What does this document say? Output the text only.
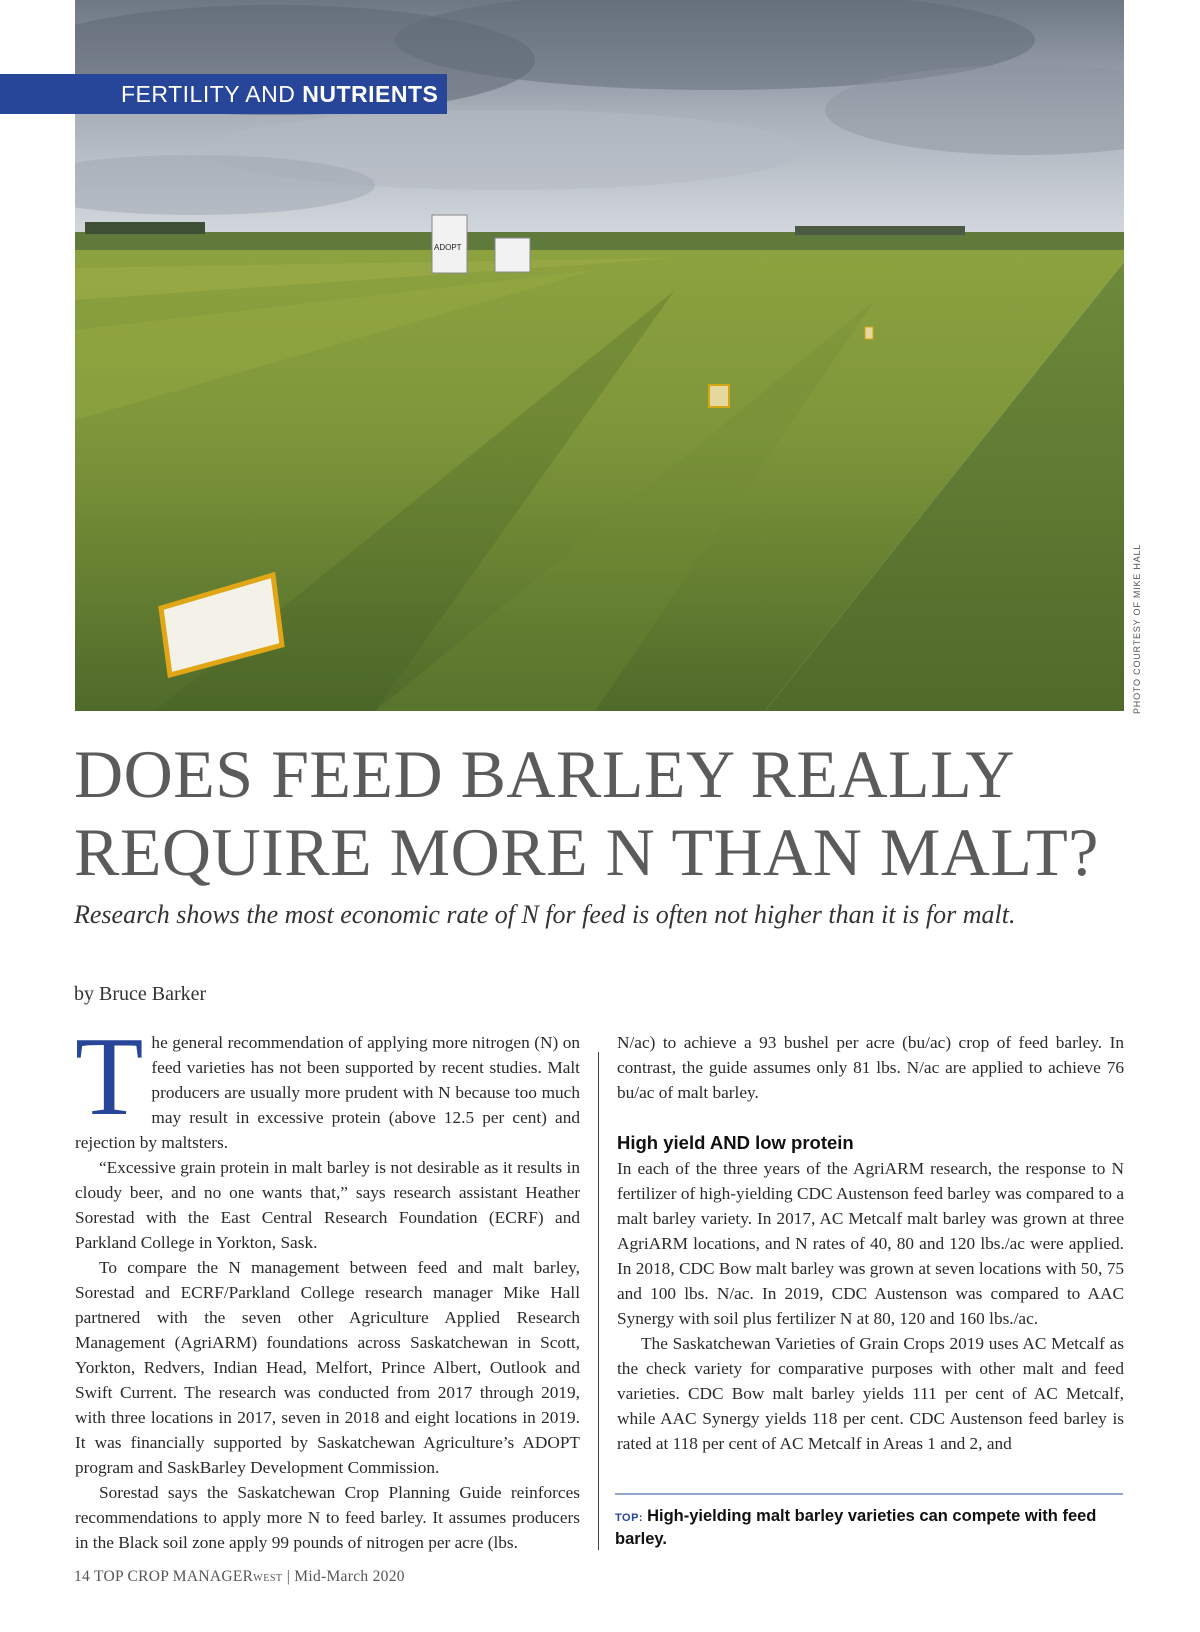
ADOPT
FERTILITY AND NUTRIENTS
PHOTO COURTESY OF MIKE HALL
DOES FEED BARLEY REALLY
REQUIRE MORE N THAN MALT?
Research shows the most economic rate of N for feed is often not higher than it is for malt.
by Bruce Barker

The general recommendation of applying more nitrogen (N) on feed varieties has not been supported by recent studies. Malt producers are usually more prudent with N because too much may result in excessive protein (above 12.5 per cent) and rejection by maltsters.

“Excessive grain protein in malt barley is not desirable as it results in cloudy beer, and no one wants that,” says research assistant Heather Sorestad with the East Central Research Foundation (ECRF) and Parkland College in Yorkton, Sask.

To compare the N management between feed and malt barley, Sorestad and ECRF/Parkland College research manager Mike Hall partnered with the seven other Agriculture Applied Research Management (AgriARM) foundations across Saskatchewan in Scott, Yorkton, Redvers, Indian Head, Melfort, Prince Albert, Outlook and Swift Current. The research was conducted from 2017 through 2019, with three locations in 2017, seven in 2018 and eight locations in 2019. It was financially supported by Saskatchewan Agriculture’s ADOPT program and SaskBarley Development Commission.

Sorestad says the Saskatchewan Crop Planning Guide reinforces recommendations to apply more N to feed barley. It assumes producers in the Black soil zone apply 99 pounds of nitrogen per acre (lbs.

N/ac) to achieve a 93 bushel per acre (bu/ac) crop of feed barley. In contrast, the guide assumes only 81 lbs. N/ac are applied to achieve 76 bu/ac of malt barley.

High yield AND low protein

In each of the three years of the AgriARM research, the response to N fertilizer of high-yielding CDC Austenson feed barley was compared to a malt barley variety. In 2017, AC Metcalf malt barley was grown at three AgriARM locations, and N rates of 40, 80 and 120 lbs./ac were applied. In 2018, CDC Bow malt barley was grown at seven locations with 50, 75 and 100 lbs. N/ac. In 2019, CDC Austenson was compared to AAC Synergy with soil plus fertilizer N at 80, 120 and 160 lbs./ac.

The Saskatchewan Varieties of Grain Crops 2019 uses AC Metcalf as the check variety for comparative purposes with other malt and feed varieties. CDC Bow malt barley yields 111 per cent of AC Metcalf, while AAC Synergy yields 118 per cent. CDC Austenson feed barley is rated at 118 per cent of AC Metcalf in Areas 1 and 2, and

TOP: High-yielding malt barley varieties can compete with feed barley.
14 TOP CROP MANAGERWEST | Mid-March 2020
